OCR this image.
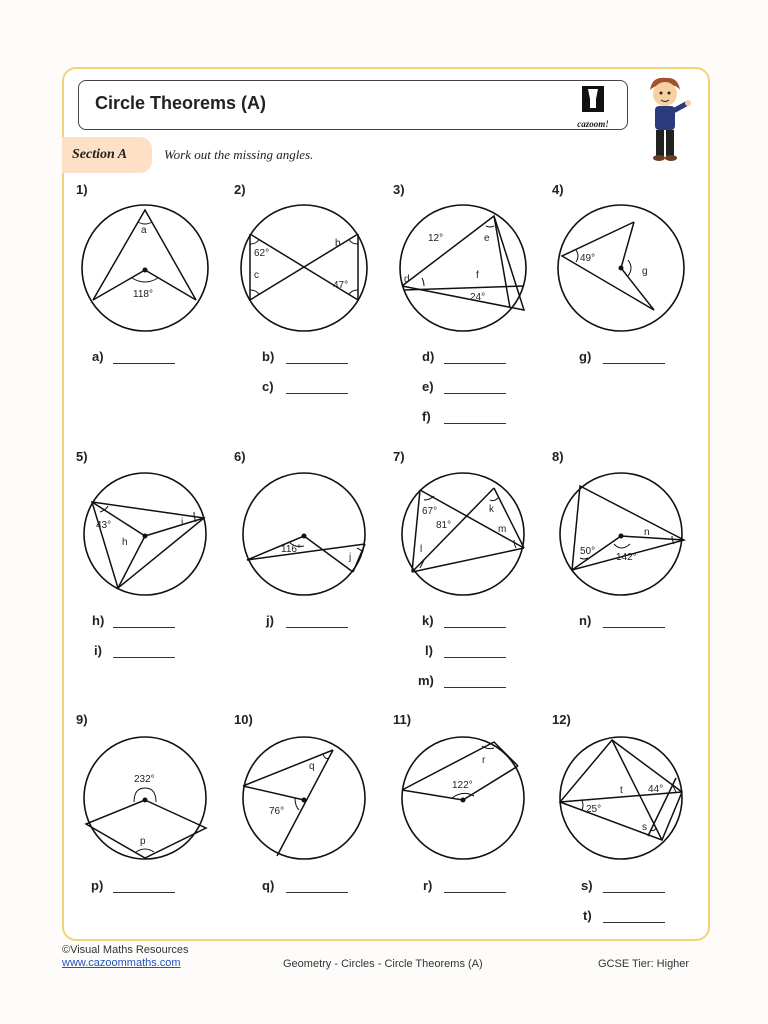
Circle Theorems (A)
cazoom!
Section A	Work out the missing angles.
1)
a
118°
a)
2)
62°
b
c
47°
b)
c)
3)
12°	e
d	f
24°
d)
e)
f)
4)
49°
g
g)
5)
43°
h
i
h)
i)
6)
116°
j
j)
7)
67°
81°
k
m
l
k)
l)
m)
8)
n
50°
142°
n)
9)
232°
p
p)
10)
q
76°
q)
11)
r
122°
r)
12)
44°
t
25°
s
s)
t)
©Visual Maths Resources
www.cazoommaths.com	Geometry - Circles - Circle Theorems (A)	GCSE Tier: Higher
